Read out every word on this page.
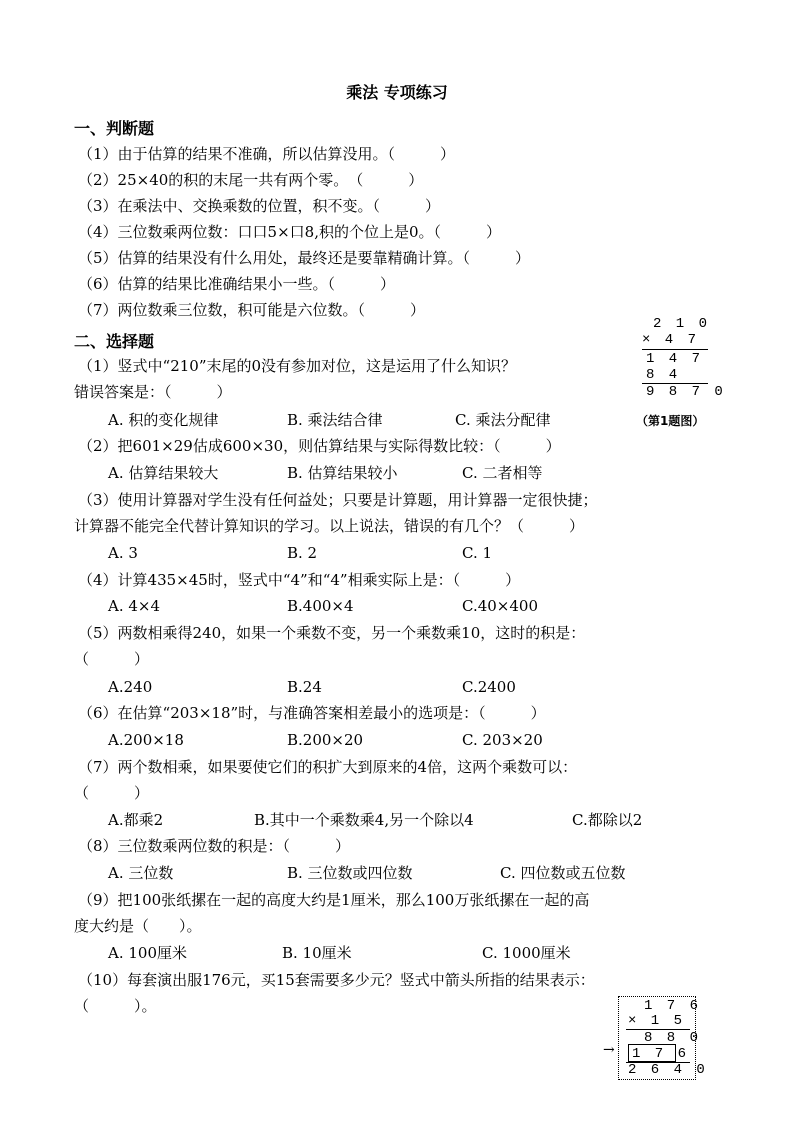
乘法 专项练习
一、判断题
（1）由于估算的结果不准确，所以估算没用。（　　　）
（2）25×40的积的末尾一共有两个零。　（　　　）
（3）在乘法中、交换乘数的位置，积不变。（　　　）
（4）三位数乘两位数：口口5×口8,积的个位上是0。（　　　）
（5）估算的结果没有什么用处，最终还是要靠精确计算。（　　　）
（6）估算的结果比准确结果小一些。（　　　）
（7）两位数乘三位数，积可能是六位数。（　　　）
二、选择题
（1）竖式中“210”末尾的0没有参加对位，这是运用了什么知识？
错误答案是：（　　　）
A. 积的变化规律	B. 乘法结合律	C. 乘法分配律
2 1 0
× 4 7
1 4 7
8 4
9 8 7 0
（第1题图）
（2）把601×29估成600×30，则估算结果与实际得数比较：（　　　）
A. 估算结果较大	B. 估算结果较小	C. 二者相等
（3）使用计算器对学生没有任何益处；只要是计算题，用计算器一定很快捷；
计算器不能完全代替计算知识的学习。以上说法，错误的有几个？（　　　）
A. 3	B. 2	C. 1
（4）计算435×45时，竖式中“4”和“4”相乘实际上是：（　　　）
A. 4×4	B.400×4	C.40×400
（5）两数相乘得240，如果一个乘数不变，另一个乘数乘10，这时的积是：
（　　　）
A.240	B.24	C.2400
（6）在估算“203×18”时，与准确答案相差最小的选项是：（　　　）
A.200×18	B.200×20	C. 203×20
（7）两个数相乘，如果要使它们的积扩大到原来的4倍，这两个乘数可以：
（　　　）
A.都乘2	B.其中一个乘数乘4,另一个除以4	C.都除以2
（8）三位数乘两位数的积是：（　　　）
A. 三位数	B. 三位数或四位数	C. 四位数或五位数
（9）把100张纸摞在一起的高度大约是1厘米，那么100万张纸摞在一起的高
度大约是（　　）。
A. 100厘米	B. 10厘米	C. 1000厘米
（10）每套演出服176元，买15套需要多少元？竖式中箭头所指的结果表示：
（　　　）。	1 7 6
× 1 5
8 8 0
1 7 6
2 6 4 0
→
